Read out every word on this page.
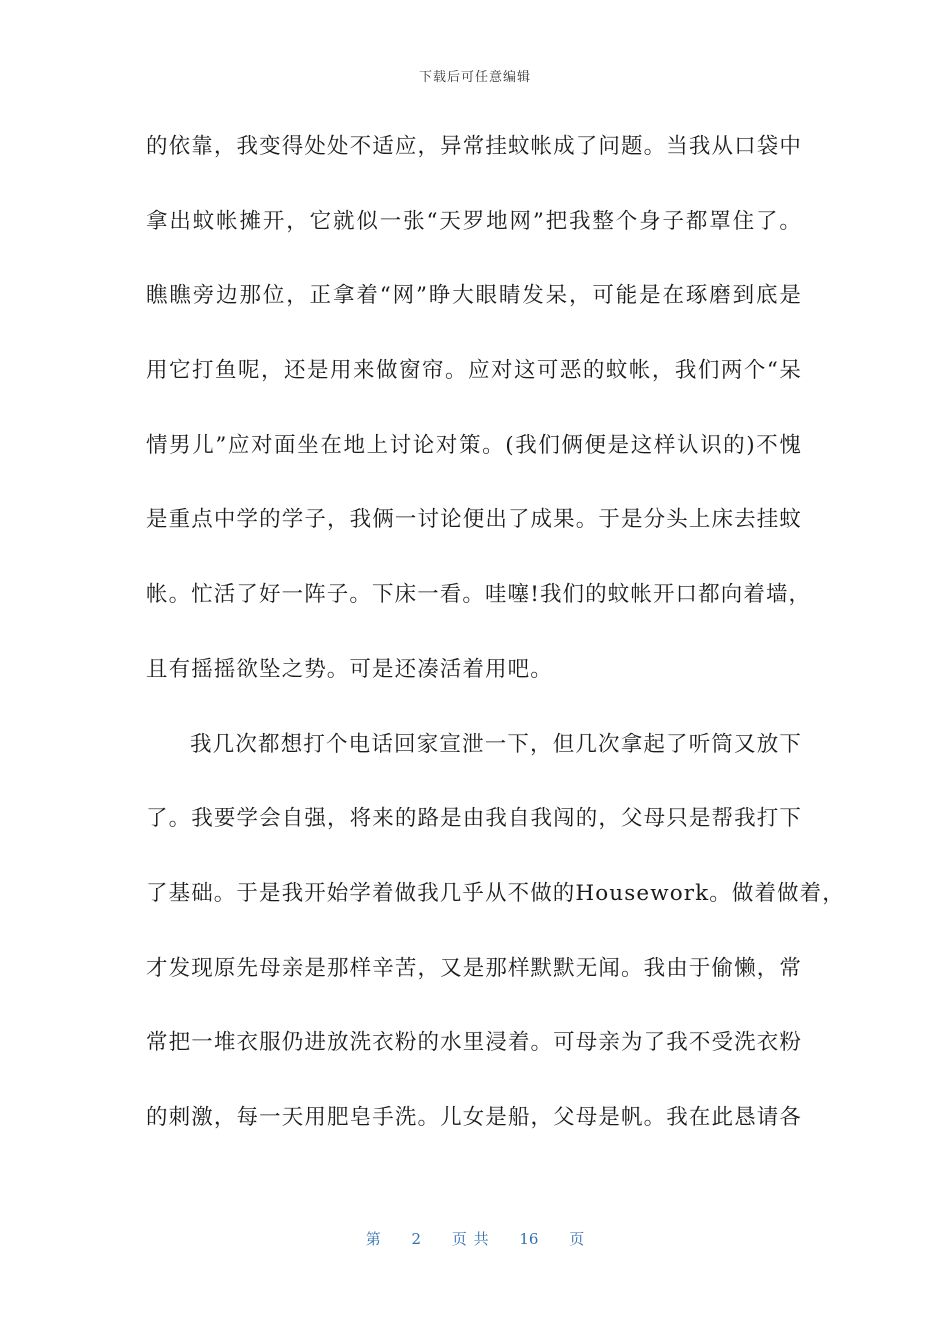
下载后可任意编辑
的依靠，我变得处处不适应，异常挂蚊帐成了问题。当我从口袋中
拿出蚊帐摊开，它就似一张“天罗地网”把我整个身子都罩住了。
瞧瞧旁边那位，正拿着“网”睁大眼睛发呆，可能是在琢磨到底是
用它打鱼呢，还是用来做窗帘。应对这可恶的蚊帐，我们两个“呆
情男儿”应对面坐在地上讨论对策。(我们俩便是这样认识的)不愧
是重点中学的学子，我俩一讨论便出了成果。于是分头上床去挂蚊
帐。忙活了好一阵子。下床一看。哇噻!我们的蚊帐开口都向着墙，
且有摇摇欲坠之势。可是还凑活着用吧。
我几次都想打个电话回家宣泄一下，但几次拿起了听筒又放下
了。我要学会自强，将来的路是由我自我闯的，父母只是帮我打下
了基础。于是我开始学着做我几乎从不做的Housework。做着做着，
才发现原先母亲是那样辛苦，又是那样默默无闻。我由于偷懒，常
常把一堆衣服仍进放洗衣粉的水里浸着。可母亲为了我不受洗衣粉
的刺激，每一天用肥皂手洗。儿女是船，父母是帆。我在此恳请各
第 2 页 共 16 页
